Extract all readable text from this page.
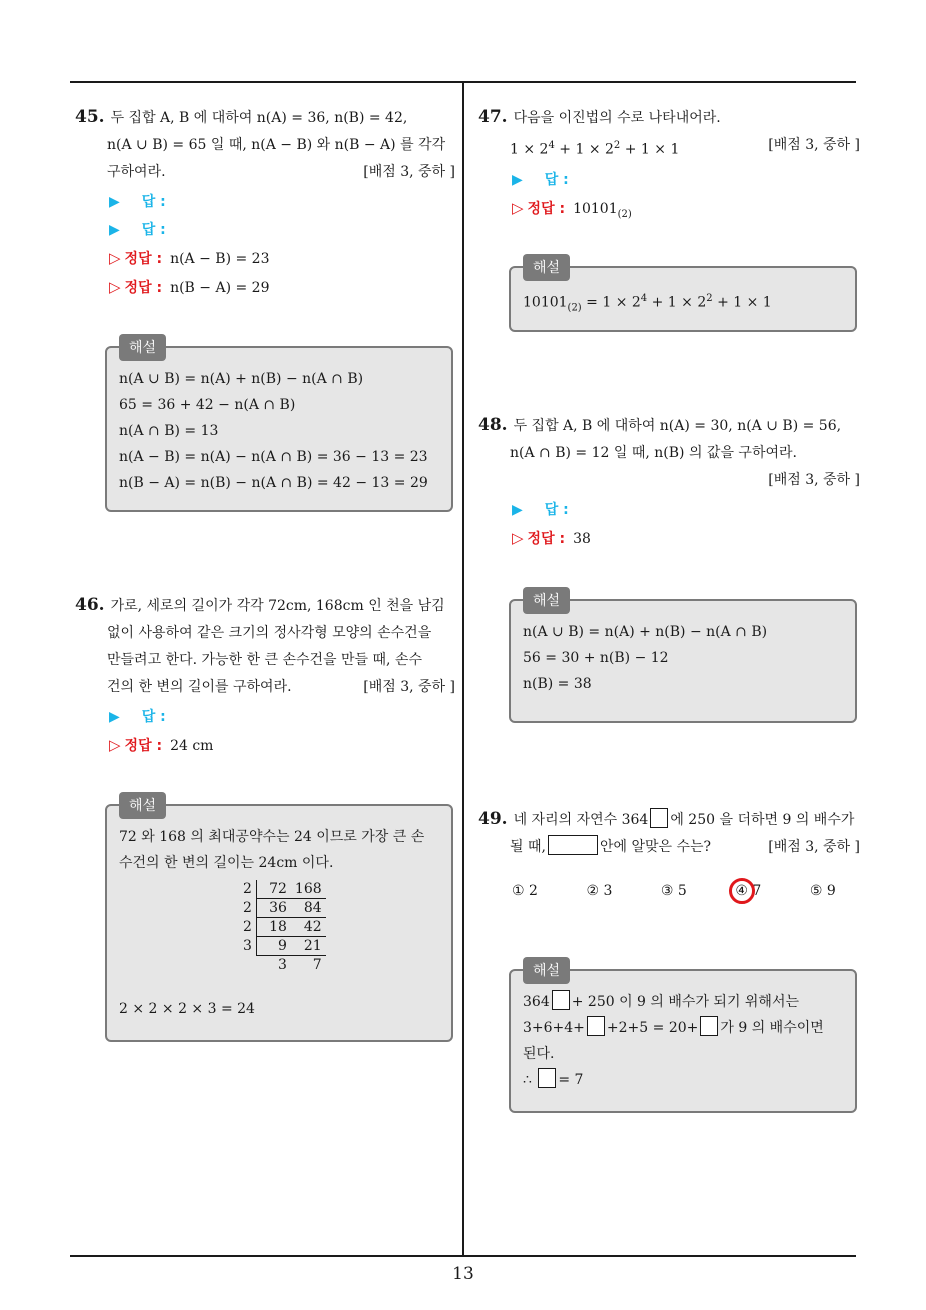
13
45. 두 집합 A, B 에 대하여 n(A) = 36, n(B) = 42,
n(A ∪ B) = 65 일 때, n(A − B) 와 n(B − A) 를 각각
구하여라.	[배점 3, 중하 ]
▶ 답 :
▶ 답 :
▷ 정답 : n(A − B) = 23
▷ 정답 : n(B − A) = 29
해설
n(A ∪ B) = n(A) + n(B) − n(A ∩ B)
65 = 36 + 42 − n(A ∩ B)
n(A ∩ B) = 13
n(A − B) = n(A) − n(A ∩ B) = 36 − 13 = 23
n(B − A) = n(B) − n(A ∩ B) = 42 − 13 = 29
46. 가로, 세로의 길이가 각각 72cm, 168cm 인 천을 남김
없이 사용하여 같은 크기의 정사각형 모양의 손수건을
만들려고 한다. 가능한 한 큰 손수건을 만들 때, 손수
건의 한 변의 길이를 구하여라.	[배점 3, 중하 ]
▶ 답 :
▷ 정답 : 24 cm
해설
72 와 168 의 최대공약수는 24 이므로 가장 큰 손
수건의 한 변의 길이는 24cm 이다.
2	72	168
2	36	84
2	18	42
3	9	21
	3	7
2 × 2 × 2 × 3 = 24
47. 다음을 이진법의 수로 나타내어라.
$1 \times 2^4 + 1 \times 2^2 + 1 \times 1$	[배점 3, 중하 ]
▶ 답 :
▷ 정답 : $10101_{(2)}$
해설
$10101_{(2)} = 1 \times 2^4 + 1 \times 2^2 + 1 \times 1$
48. 두 집합 A, B 에 대하여 n(A) = 30, n(A ∪ B) = 56,
n(A ∩ B) = 12 일 때, n(B) 의 값을 구하여라.
[배점 3, 중하 ]
▶ 답 :
▷ 정답 : 38
해설
n(A ∪ B) = n(A) + n(B) − n(A ∩ B)
56 = 30 + n(B) − 12
n(B) = 38
49. 네 자리의 자연수 364 에 250 을 더하면 9 의 배수가
될 때,	안에 알맞은 수는?	[배점 3, 중하 ]
① 2	② 3	③ 5	④ 7	⑤ 9
해설
364 + 250 이 9 의 배수가 되기 위해서는
3+6+4+ +2+5 = 20+ 가 9 의 배수이면
된다.
∴ = 7
